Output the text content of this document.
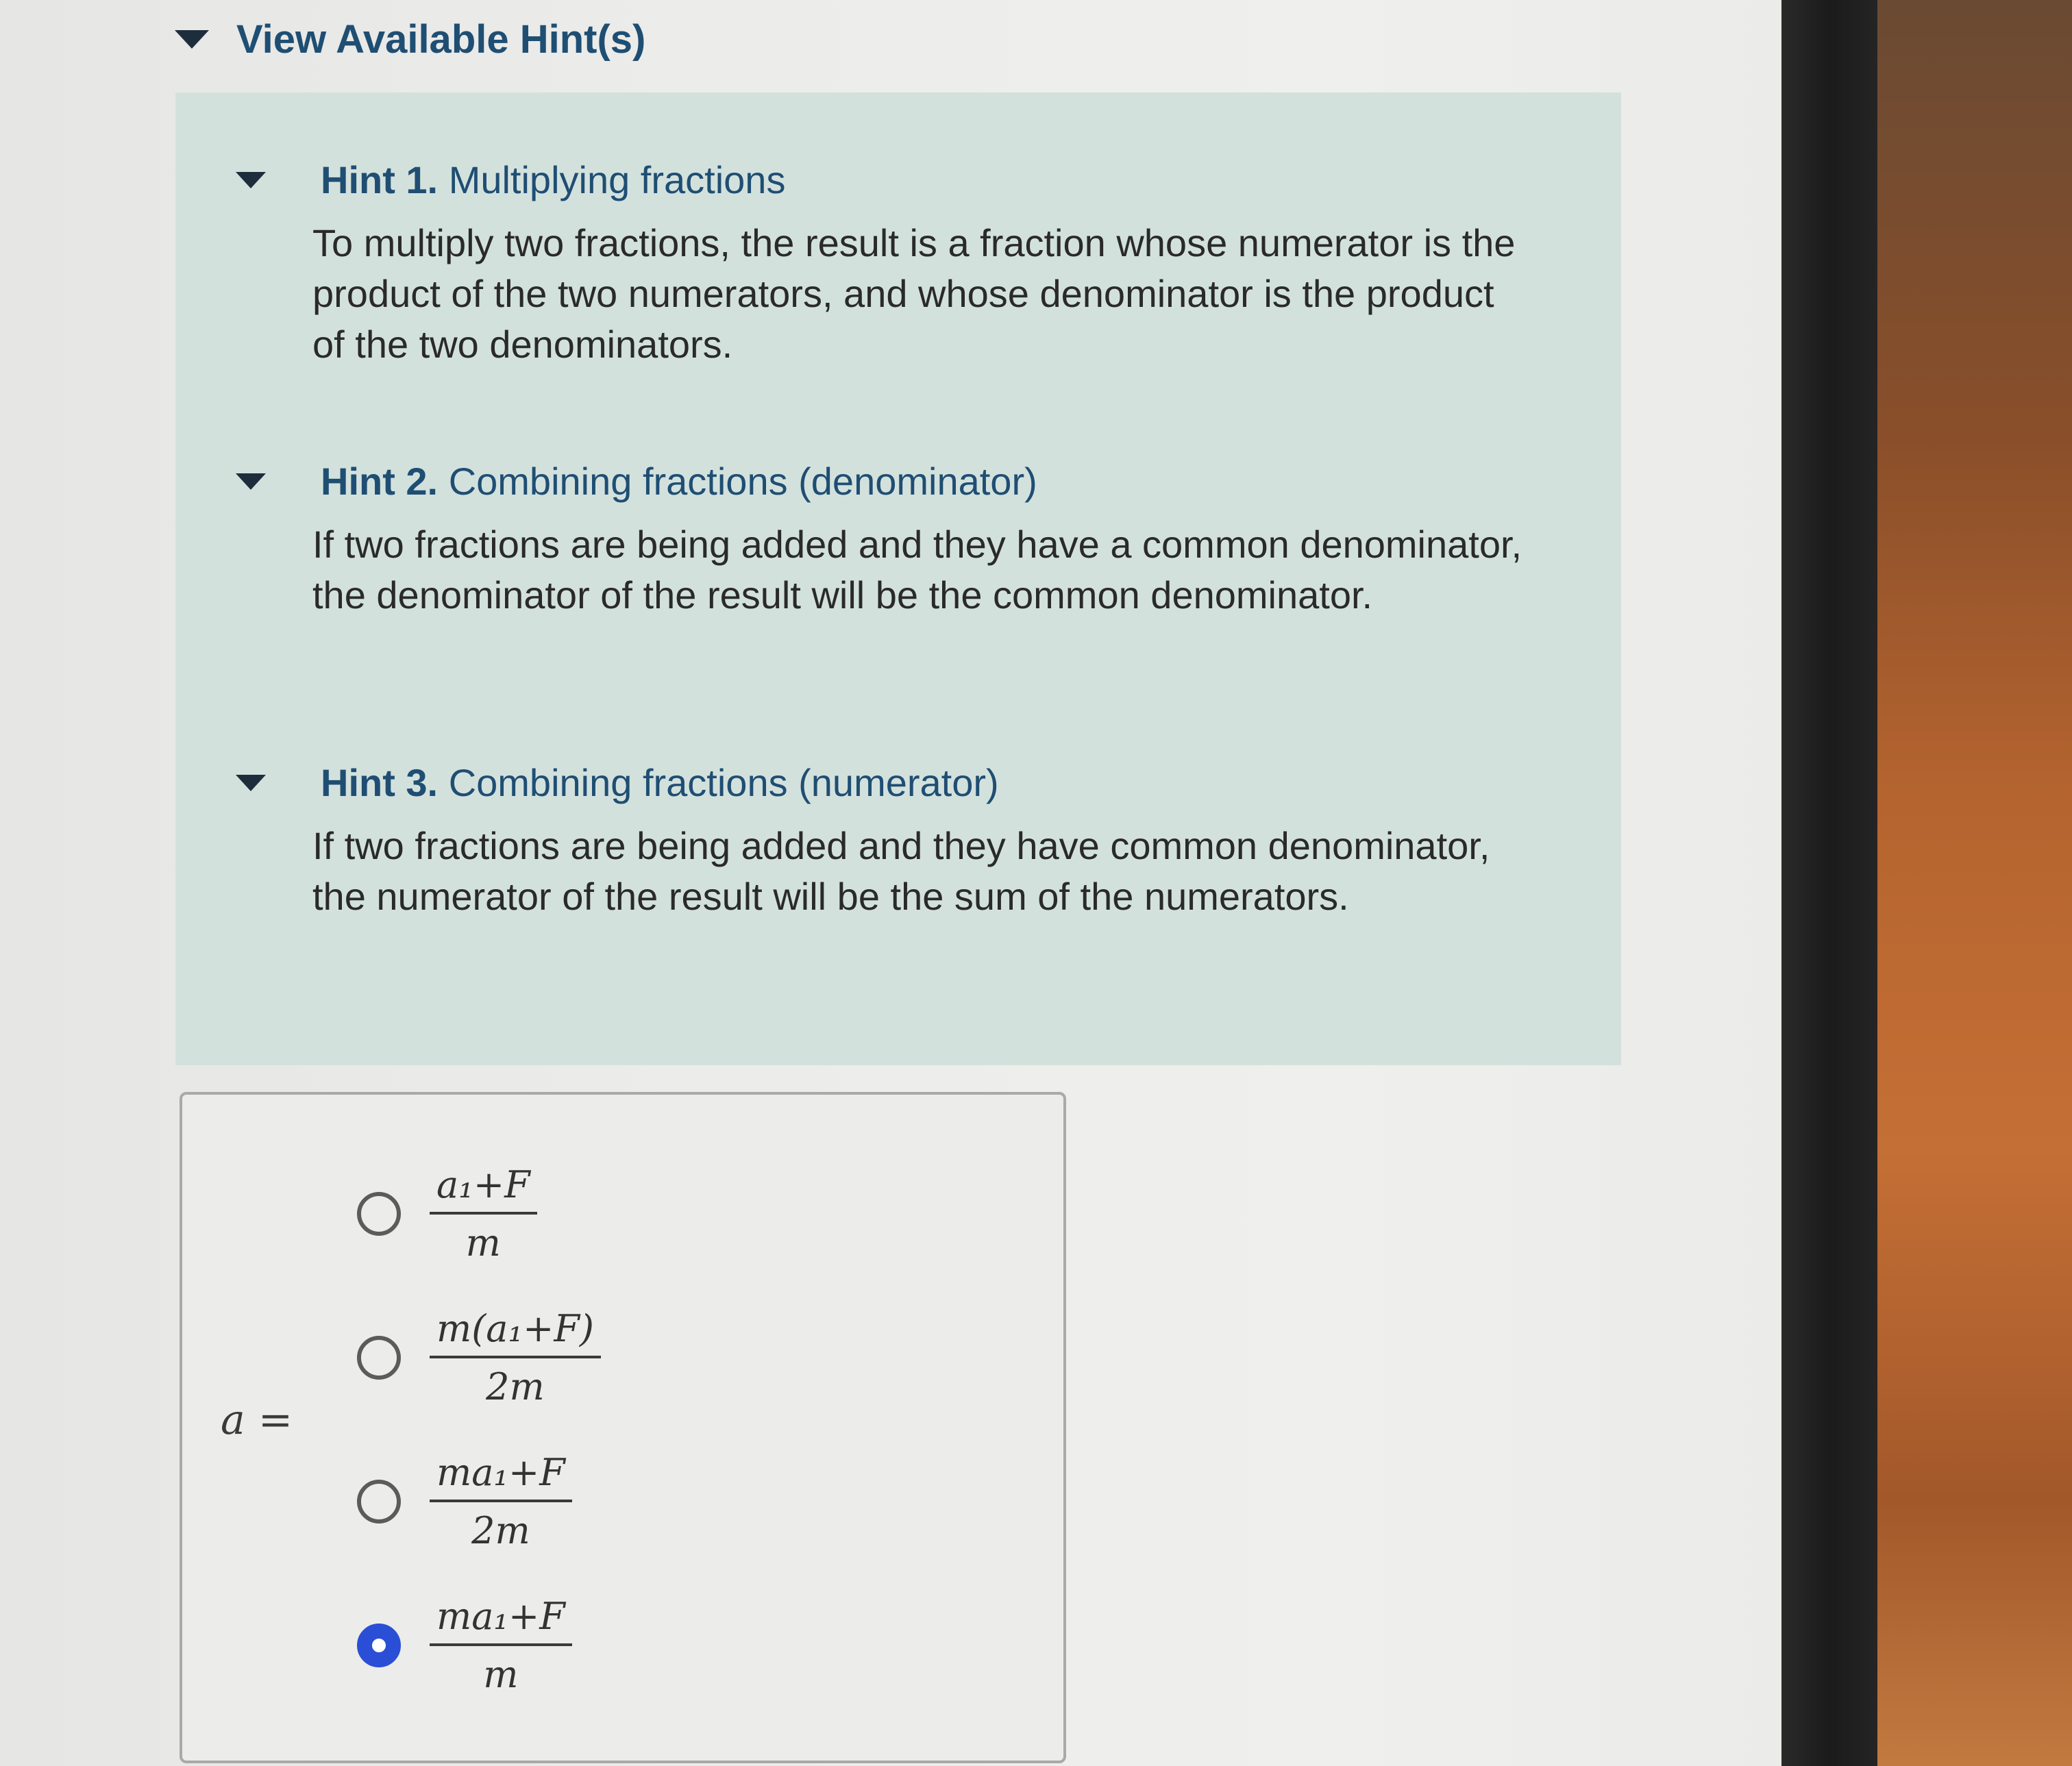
View Available Hint(s)
Hint 1. Multiplying fractions
To multiply two fractions, the result is a fraction whose numerator is the product of the two numerators, and whose denominator is the product of the two denominators.
Hint 2. Combining fractions (denominator)
If two fractions are being added and they have a common denominator, the denominator of the result will be the common denominator.
Hint 3. Combining fractions (numerator)
If two fractions are being added and they have common denominator, the numerator of the result will be the sum of the numerators.
a =
$\frac{\text{a₁+F}}{m}$
$\frac{\text{m(a₁+F)}}{2m}$
$\frac{\text{ma₁+F}}{2m}$
$\frac{\text{ma₁+F}}{m}$
